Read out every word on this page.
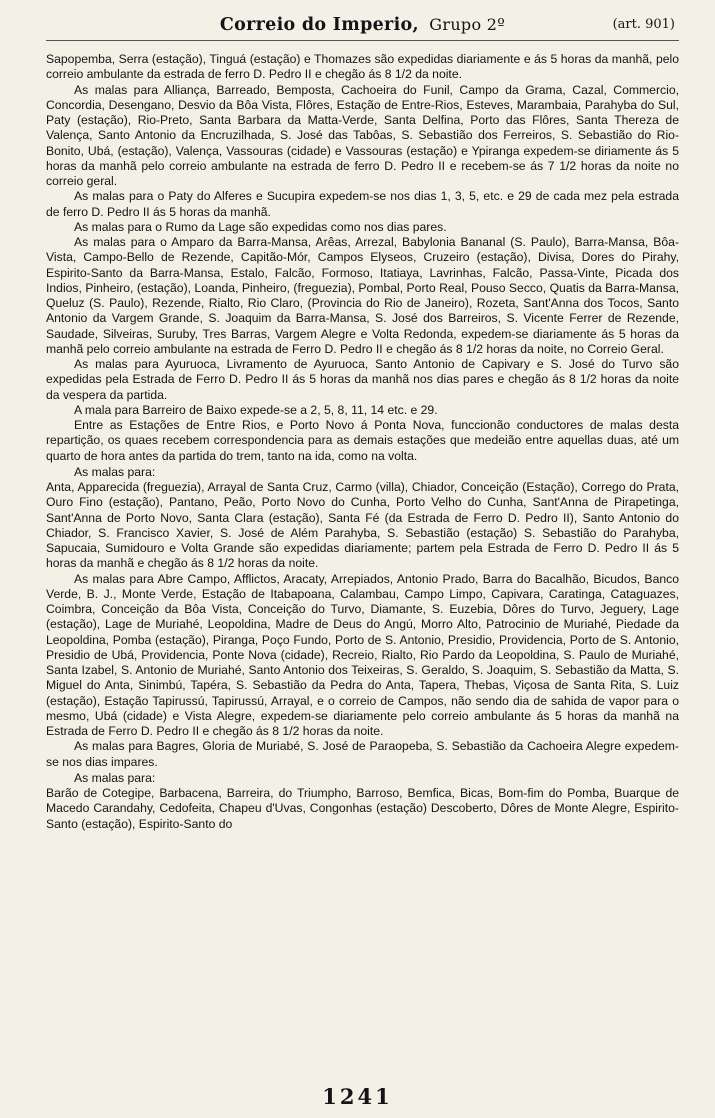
Correio do Imperio, Grupo 2º	(art. 901)

Sapopemba, Serra (estação), Tinguá (estação) e Thomazes são expedidas diariamente e ás 5 horas da manhã, pelo correio ambulante da estrada de ferro D. Pedro II e chegão ás 8 1/2 da noite.

As malas para Alliança, Barreado, Bemposta, Cachoeira do Funil, Campo da Grama, Cazal, Commercio, Concordia, Desengano, Desvio da Bôa Vista, Flôres, Estação de Entre-Rios, Esteves, Marambaia, Parahyba do Sul, Paty (estação), Rio-Preto, Santa Barbara da Matta-Verde, Santa Delfina, Porto das Flôres, Santa Thereza de Valença, Santo Antonio da Encruzilhada, S. José das Tabôas, S. Sebastião dos Ferreiros, S. Sebastião do Rio-Bonito, Ubá, (estação), Valença, Vassouras (cidade) e Vassouras (estação) e Ypiranga expedem-se diriamente ás 5 horas da manhã pelo correio ambulante na estrada de ferro D. Pedro II e recebem-se ás 7 1/2 horas da noite no correio geral.

As malas para o Paty do Alferes e Sucupira expedem-se nos dias 1, 3, 5, etc. e 29 de cada mez pela estrada de ferro D. Pedro II ás 5 horas da manhã.

As malas para o Rumo da Lage são expedidas como nos dias pares.

As malas para o Amparo da Barra-Mansa, Arêas, Arrezal, Babylonia Bananal (S. Paulo), Barra-Mansa, Bôa-Vista, Campo-Bello de Rezende, Capitão-Mór, Campos Elyseos, Cruzeiro (estação), Divisa, Dores do Pirahy, Espirito-Santo da Barra-Mansa, Estalo, Falcão, Formoso, Itatiaya, Lavrinhas, Falcão, Passa-Vinte, Picada dos Indios, Pinheiro, (estação), Loanda, Pinheiro, (freguezia), Pombal, Porto Real, Pouso Secco, Quatis da Barra-Mansa, Queluz (S. Paulo), Rezende, Rialto, Rio Claro, (Provincia do Rio de Janeiro), Rozeta, Sant'Anna dos Tocos, Santo Antonio da Vargem Grande, S. Joaquim da Barra-Mansa, S. José dos Barreiros, S. Vicente Ferrer de Rezende, Saudade, Silveiras, Suruby, Tres Barras, Vargem Alegre e Volta Redonda, expedem-se diariamente ás 5 horas da manhã pelo correio ambulante na estrada de Ferro D. Pedro II e chegão ás 8 1/2 horas da noite, no Correio Geral.

As malas para Ayuruoca, Livramento de Ayuruoca, Santo Antonio de Capivary e S. José do Turvo são expedidas pela Estrada de Ferro D. Pedro II ás 5 horas da manhã nos dias pares e chegão ás 8 1/2 horas da noite da vespera da partida.

A mala para Barreiro de Baixo expede-se a 2, 5, 8, 11, 14 etc. e 29.

Entre as Estações de Entre Rios, e Porto Novo á Ponta Nova, funccionão conductores de malas desta repartição, os quaes recebem correspondencia para as demais estações que medeião entre aquellas duas, até um quarto de hora antes da partida do trem, tanto na ida, como na volta.

As malas para:

Anta, Apparecida (freguezia), Arrayal de Santa Cruz, Carmo (villa), Chiador, Conceição (Estação), Corrego do Prata, Ouro Fino (estação), Pantano, Peão, Porto Novo do Cunha, Porto Velho do Cunha, Sant'Anna de Pirapetinga, Sant'Anna de Porto Novo, Santa Clara (estação), Santa Fé (da Estrada de Ferro D. Pedro II), Santo Antonio do Chiador, S. Francisco Xavier, S. José de Além Parahyba, S. Sebastião (estação) S. Sebastião do Parahyba, Sapucaia, Sumidouro e Volta Grande são expedidas diariamente; partem pela Estrada de Ferro D. Pedro II ás 5 horas da manhã e chegão ás 8 1/2 horas da noite.

As malas para Abre Campo, Afflictos, Aracaty, Arrepiados, Antonio Prado, Barra do Bacalhão, Bicudos, Banco Verde, B. J., Monte Verde, Estação de Itabapoana, Calambau, Campo Limpo, Capivara, Caratinga, Cataguazes, Coimbra, Conceição da Bôa Vista, Conceição do Turvo, Diamante, S. Euzebia, Dôres do Turvo, Jeguery, Lage (estação), Lage de Muriahé, Leopoldina, Madre de Deus do Angú, Morro Alto, Patrocinio de Muriahé, Piedade da Leopoldina, Pomba (estação), Piranga, Poço Fundo, Porto de S. Antonio, Presidio, Providencia, Porto de S. Antonio, Presidio de Ubá, Providencia, Ponte Nova (cidade), Recreio, Rialto, Rio Pardo da Leopoldina, S. Paulo de Muriahé, Santa Izabel, S. Antonio de Muriahé, Santo Antonio dos Teixeiras, S. Geraldo, S. Joaquim, S. Sebastião da Matta, S. Miguel do Anta, Sinimbú, Tapéra, S. Sebastião da Pedra do Anta, Tapera, Thebas, Viçosa de Santa Rita, S. Luiz (estação), Estação Tapirussú, Tapirussú, Arrayal, e o correio de Campos, não sendo dia de sahida de vapor para o mesmo, Ubá (cidade) e Vista Alegre, expedem-se diariamente pelo correio ambulante ás 5 horas da manhã na Estrada de Ferro D. Pedro II e chegão ás 8 1/2 horas da noite.

As malas para Bagres, Gloria de Muriabé, S. José de Paraopeba, S. Sebastião da Cachoeira Alegre expedem-se nos dias impares.

As malas para:

Barão de Cotegipe, Barbacena, Barreira, do Triumpho, Barroso, Bemfica, Bicas, Bom-fim do Pomba, Buarque de Macedo Carandahy, Cedofeita, Chapeu d'Uvas, Congonhas (estação) Descoberto, Dôres de Monte Alegre, Espirito-Santo (estação), Espirito-Santo do

1241
